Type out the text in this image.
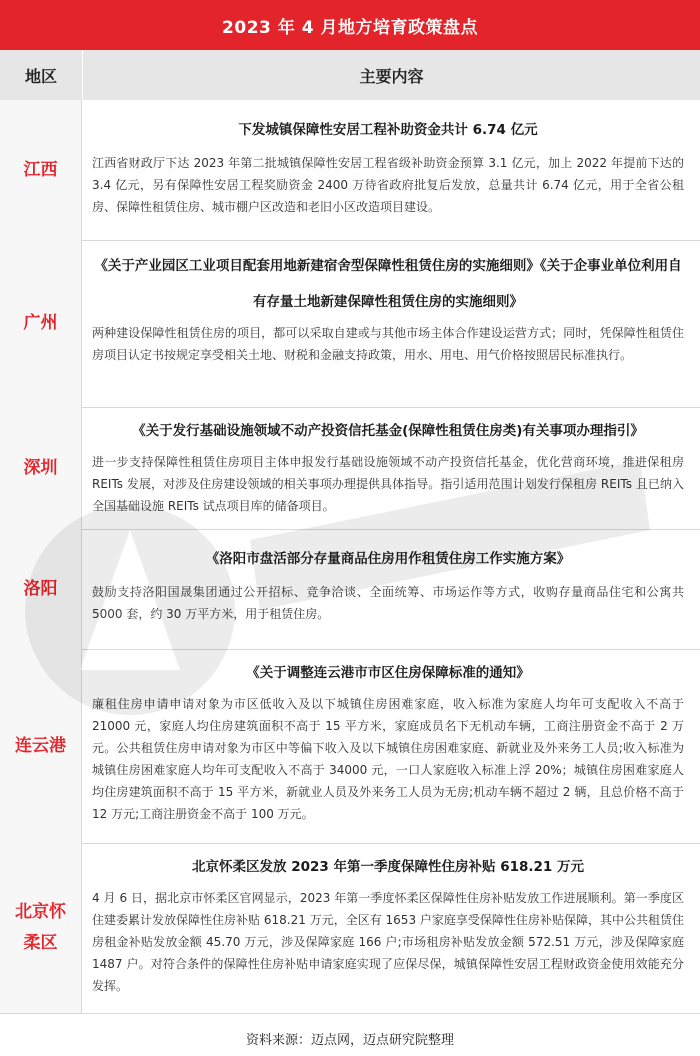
2023 年 4 月地方培育政策盘点
地区	主要内容
江西
下发城镇保障性安居工程补助资金共计 6.74 亿元
江西省财政厅下达 2023 年第二批城镇保障性安居工程省级补助资金预算 3.1 亿元，加上 2022 年提前下达的 3.4 亿元，另有保障性安居工程奖励资金 2400 万待省政府批复后发放，总量共计 6.74 亿元，用于全省公租房、保障性租赁住房、城市棚户区改造和老旧小区改造项目建设。
广州
《关于产业园区工业项目配套用地新建宿舍型保障性租赁住房的实施细则》《关于企事业单位利用自有存量土地新建保障性租赁住房的实施细则》
两种建设保障性租赁住房的项目，都可以采取自建或与其他市场主体合作建设运营方式；同时，凭保障性租赁住房项目认定书按规定享受相关土地、财税和金融支持政策，用水、用电、用气价格按照居民标准执行。
深圳
《关于发行基础设施领域不动产投资信托基金(保障性租赁住房类)有关事项办理指引》
进一步支持保障性租赁住房项目主体申报发行基础设施领域不动产投资信托基金，优化营商环境，推进保租房 REITs 发展，对涉及住房建设领域的相关事项办理提供具体指导。指引适用范围计划发行保租房 REITs 且已纳入全国基础设施 REITs 试点项目库的储备项目。
洛阳
《洛阳市盘活部分存量商品住房用作租赁住房工作实施方案》
鼓励支持洛阳国晟集团通过公开招标、竞争洽谈、全面统筹、市场运作等方式，收购存量商品住宅和公寓共 5000 套，约 30 万平方米，用于租赁住房。
连云港
《关于调整连云港市市区住房保障标准的通知》
廉租住房申请申请对象为市区低收入及以下城镇住房困难家庭，收入标准为家庭人均年可支配收入不高于 21000 元，家庭人均住房建筑面积不高于 15 平方米，家庭成员名下无机动车辆，工商注册资金不高于 2 万元。公共租赁住房申请对象为市区中等偏下收入及以下城镇住房困难家庭、新就业及外来务工人员;收入标准为城镇住房困难家庭人均年可支配收入不高于 34000 元，一口人家庭收入标准上浮 20%；城镇住房困难家庭人均住房建筑面积不高于 15 平方米，新就业人员及外来务工人员为无房;机动车辆不超过 2 辆，且总价格不高于 12 万元;工商注册资金不高于 100 万元。
北京怀柔区
北京怀柔区发放 2023 年第一季度保障性住房补贴 618.21 万元
4 月 6 日，据北京市怀柔区官网显示，2023 年第一季度怀柔区保障性住房补贴发放工作进展顺利。第一季度区住建委累计发放保障性住房补贴 618.21 万元，全区有 1653 户家庭享受保障性住房补贴保障，其中公共租赁住房租金补贴发放金额 45.70 万元，涉及保障家庭 166 户;市场租房补贴发放金额 572.51 万元，涉及保障家庭 1487 户。对符合条件的保障性住房补贴申请家庭实现了应保尽保，城镇保障性安居工程财政资金使用效能充分发挥。
资料来源：迈点网，迈点研究院整理
